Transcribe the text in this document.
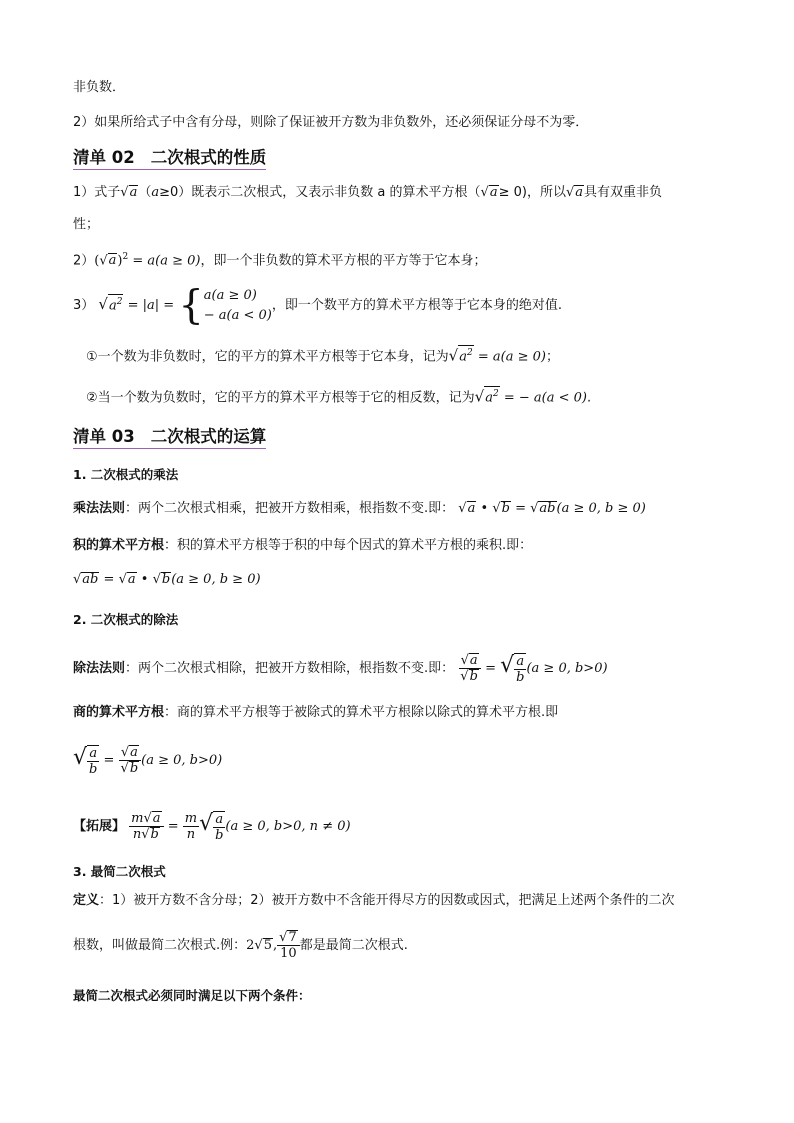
非负数．
2）如果所给式子中含有分母，则除了保证被开方数为非负数外，还必须保证分母不为零．
清单 02 二次根式的性质
1）式子√a（a≥0）既表示二次根式，又表示非负数 a 的算术平方根（√a≥ 0)，所以√a具有双重非负
性；
$2)(√a)^2 = a(a \ge 0)$，即一个非负数的算术平方根的平方等于它本身；
3） $√a^2 = |a|$ = { a(a ≥ 0)
− a(a < 0)
，即一个数平方的算术平方根等于它本身的绝对值.
①一个数为非负数时，它的平方的算术平方根等于它本身，记为$√a^2 = a(a \ge 0)$；
②当一个数为负数时，它的平方的算术平方根等于它的相反数，记为$√a^2$ = − a(a < 0).
清单 03 二次根式的运算
1. 二次根式的乘法
乘法法则：两个二次根式相乘，把被开方数相乘，根指数不变.即： √a • √b = √ab(a ≥ 0, b ≥ 0)
积的算术平方根：积的算术平方根等于积的中每个因式的算术平方根的乘积.即：
√ab = √a • √b(a ≥ 0, b ≥ 0)
2. 二次根式的除法
除法法则：两个二次根式相除，把被开方数相除，根指数不变.即： $\frac{√a}{√b}$ = √ $\frac{a}{b} (a \ge 0$, b>0)
商的算术平方根：商的算术平方根等于被除式的算术平方根除以除式的算术平方根.即
√ $\frac{a}{b} = \frac{√a}{√b} (a \ge 0$, b>0)
【拓展】 $\frac{m√a}{n√b} = \frac{m}{n}$ √ $\frac{a}{b} (a \ge 0$, b>0, n ≠ 0)
3. 最简二次根式
定义：1）被开方数不含分母；2）被开方数中不含能开得尽方的因数或因式，把满足上述两个条件的二次
根数，叫做最简二次根式.例：2√5, $\frac{√7}{10}$ 都是最简二次根式.
最简二次根式必须同时满足以下两个条件：
